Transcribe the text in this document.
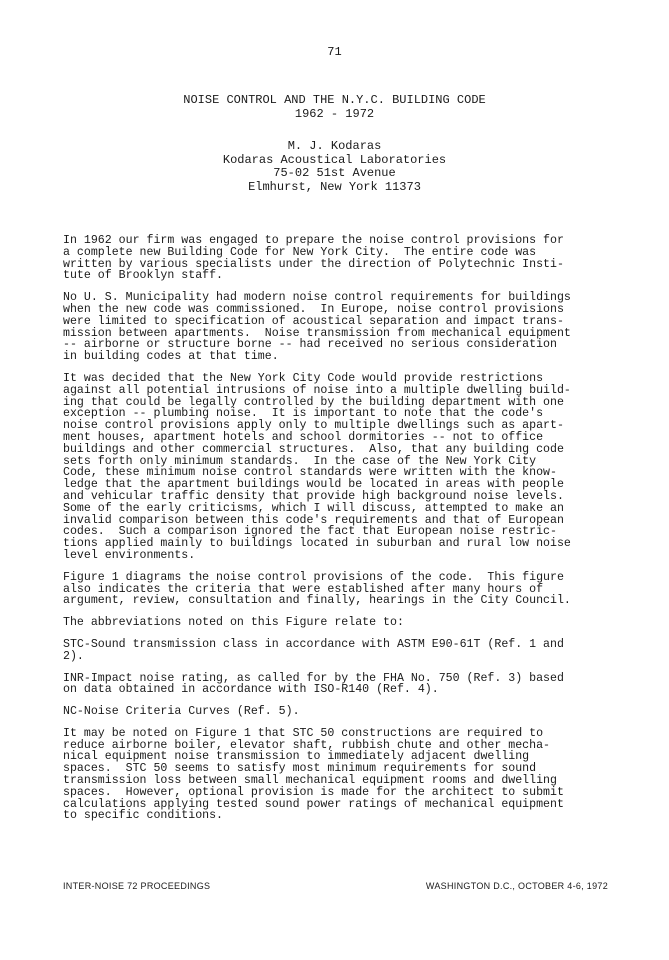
71
NOISE CONTROL AND THE N.Y.C. BUILDING CODE
1962 - 1972
M. J. Kodaras
Kodaras Acoustical Laboratories
75-02 51st Avenue
Elmhurst, New York 11373

In 1962 our firm was engaged to prepare the noise control provisions for
a complete new Building Code for New York City.  The entire code was
written by various specialists under the direction of Polytechnic Insti-
tute of Brooklyn staff.

No U. S. Municipality had modern noise control requirements for buildings
when the new code was commissioned.  In Europe, noise control provisions
were limited to specification of acoustical separation and impact trans-
mission between apartments.  Noise transmission from mechanical equipment
-- airborne or structure borne -- had received no serious consideration
in building codes at that time.

It was decided that the New York City Code would provide restrictions
against all potential intrusions of noise into a multiple dwelling build-
ing that could be legally controlled by the building department with one
exception -- plumbing noise.  It is important to note that the code's
noise control provisions apply only to multiple dwellings such as apart-
ment houses, apartment hotels and school dormitories -- not to office
buildings and other commercial structures.  Also, that any building code
sets forth only minimum standards.  In the case of the New York City
Code, these minimum noise control standards were written with the know-
ledge that the apartment buildings would be located in areas with people
and vehicular traffic density that provide high background noise levels.
Some of the early criticisms, which I will discuss, attempted to make an
invalid comparison between this code's requirements and that of European
codes.  Such a comparison ignored the fact that European noise restric-
tions applied mainly to buildings located in suburban and rural low noise
level environments.

Figure 1 diagrams the noise control provisions of the code.  This figure
also indicates the criteria that were established after many hours of
argument, review, consultation and finally, hearings in the City Council.

The abbreviations noted on this Figure relate to:

STC-Sound transmission class in accordance with ASTM E90-61T (Ref. 1 and
2).

INR-Impact noise rating, as called for by the FHA No. 750 (Ref. 3) based
on data obtained in accordance with ISO-R140 (Ref. 4).

NC-Noise Criteria Curves (Ref. 5).

It may be noted on Figure 1 that STC 50 constructions are required to
reduce airborne boiler, elevator shaft, rubbish chute and other mecha-
nical equipment noise transmission to immediately adjacent dwelling
spaces.  STC 50 seems to satisfy most minimum requirements for sound
transmission loss between small mechanical equipment rooms and dwelling
spaces.  However, optional provision is made for the architect to submit
calculations applying tested sound power ratings of mechanical equipment
to specific conditions.

INTER-NOISE 72 PROCEEDINGS	WASHINGTON D.C., OCTOBER 4-6, 1972
